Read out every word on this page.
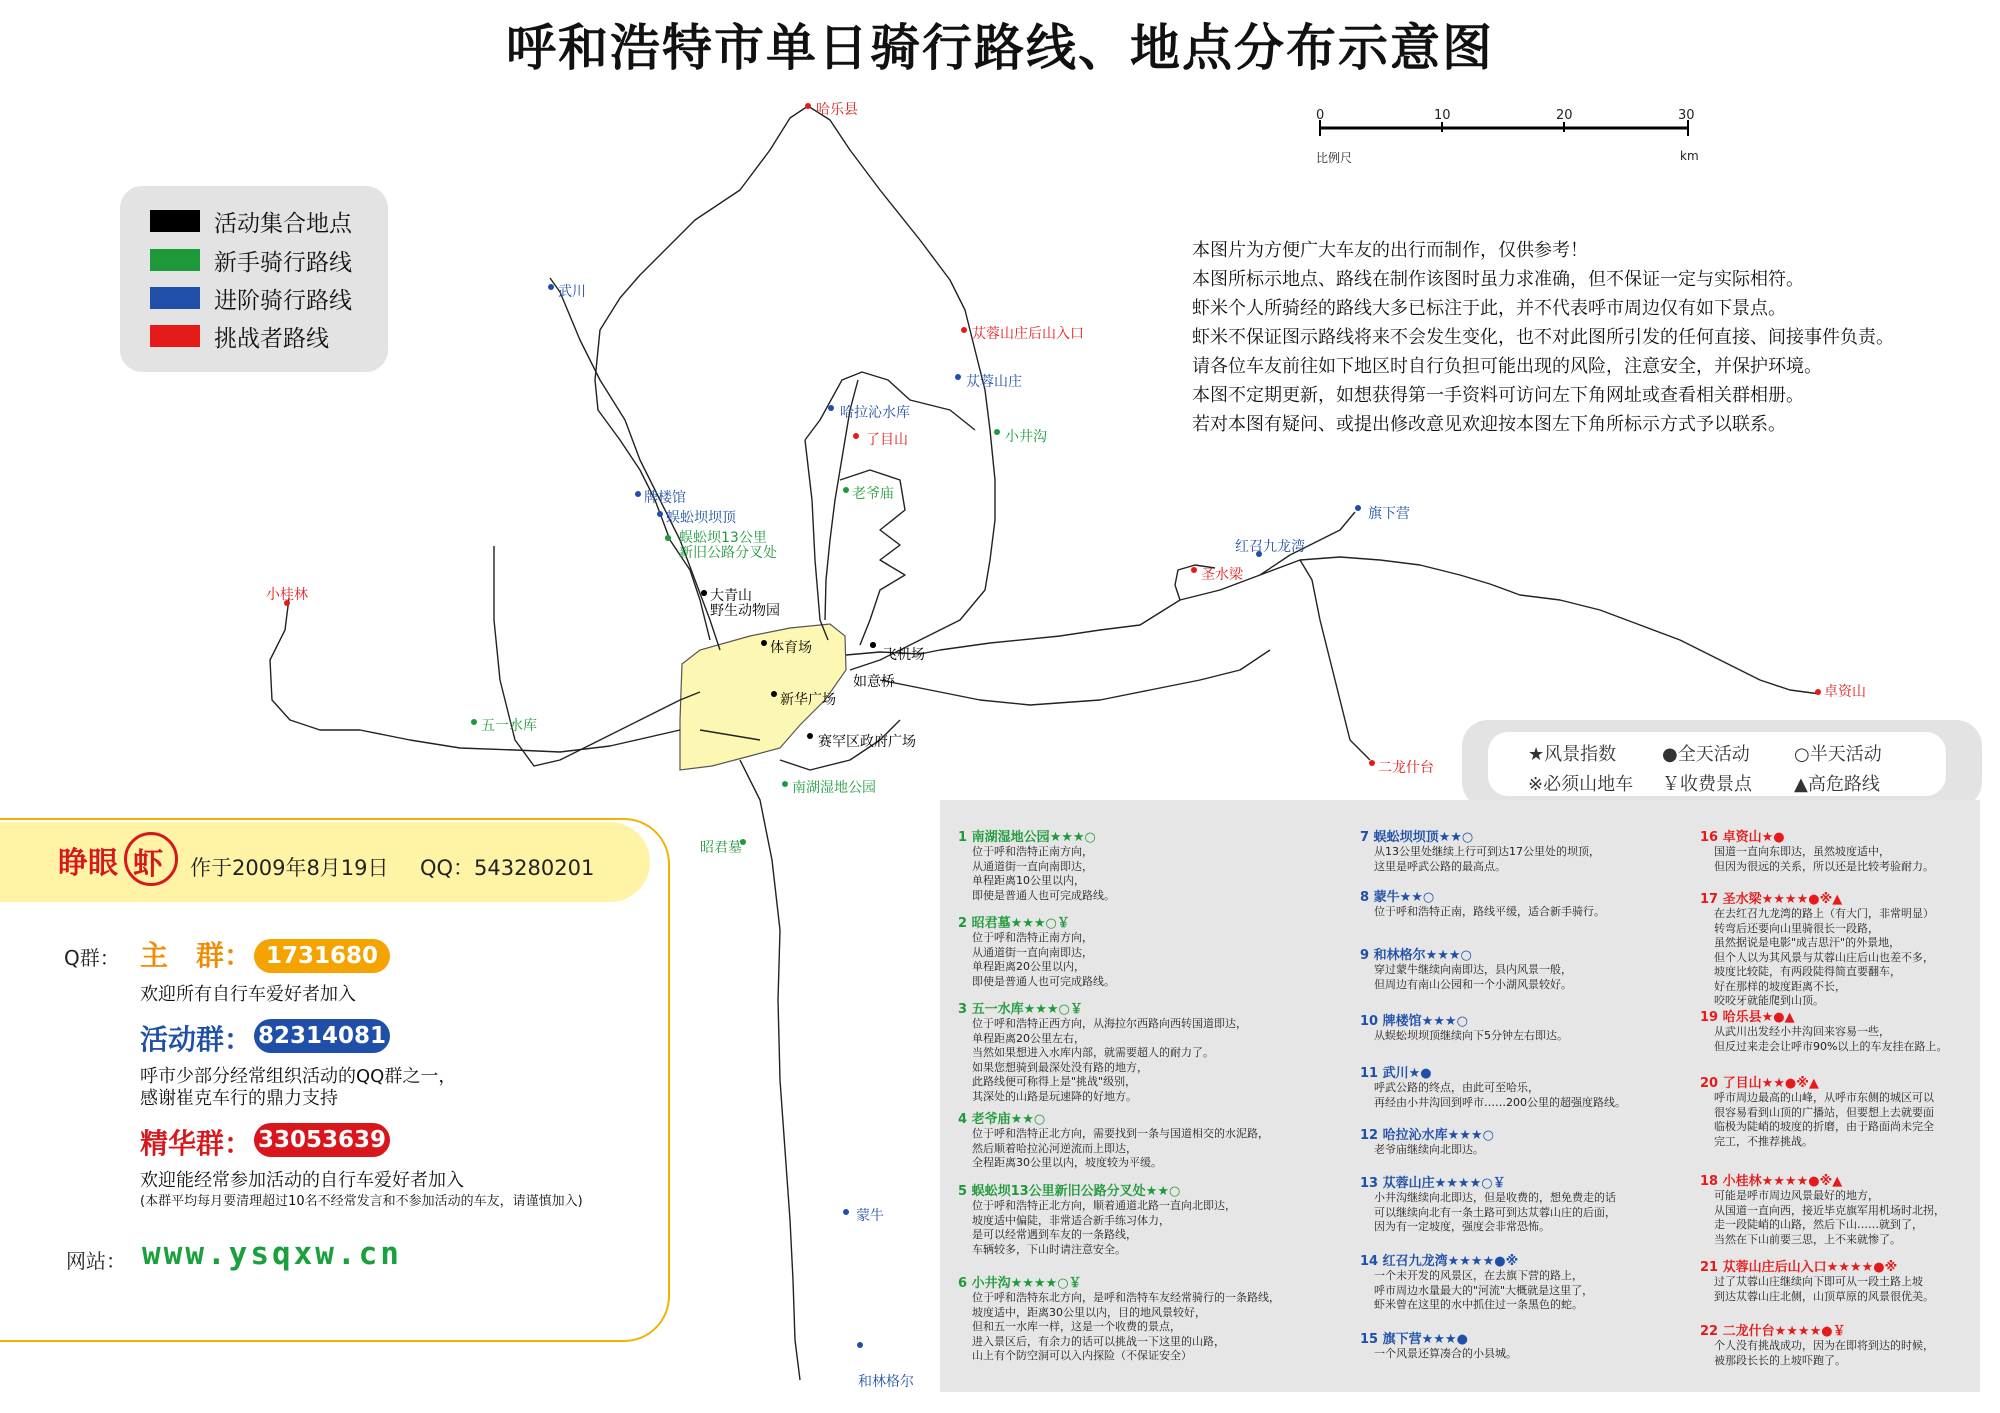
呼和浩特市单日骑行路线、地点分布示意图
哈乐县
武川
苁蓉山庄后山入口
苁蓉山庄
小井沟
哈拉沁水库
了目山
老爷庙
牌楼馆
蜈蚣坝坝顶
蜈蚣坝13公里
新旧公路分叉处
大青山
野生动物园
体育场	飞机场
如意桥
新华广场
赛罕区政府广场
南湖湿地公园
昭君墓
小桂林
五一水库
旗下营
红召九龙湾
圣水梁
卓资山
二龙什台
蒙牛
和林格尔
0	10	20	30
比例尺	km
活动集合地点
新手骑行路线
进阶骑行路线
挑战者路线
本图片为方便广大车友的出行而制作，仅供参考！
本图所标示地点、路线在制作该图时虽力求准确，但不保证一定与实际相符。
虾米个人所骑经的路线大多已标注于此，并不代表呼市周边仅有如下景点。
虾米不保证图示路线将来不会发生变化，也不对此图所引发的任何直接、间接事件负责。
请各位车友前往如下地区时自行负担可能出现的风险，注意安全，并保护环境。
本图不定期更新，如想获得第一手资料可访问左下角网址或查看相关群相册。
若对本图有疑问、或提出修改意见欢迎按本图左下角所标示方式予以联系。
睁眼 虾 作于2009年8月19日 QQ：543280201
Q群： 主　群： 1731680
欢迎所有自行车爱好者加入
活动群： 82314081
呼市少部分经常组织活动的QQ群之一，
感谢崔克车行的鼎力支持
精华群： 33053639
欢迎能经常参加活动的自行车爱好者加入
(本群平均每月要清理超过10名不经常发言和不参加活动的车友，请谨慎加入)
网站： www.ysqxw.cn
★风景指数	●全天活动 ○半天活动
※必须山地车 ￥收费景点 ▲高危路线
1 南湖湿地公园★★★○
位于呼和浩特正南方向，
从通道街一直向南即达，
单程距离10公里以内，
即使是普通人也可完成路线。
2 昭君墓★★★○￥
位于呼和浩特正南方向，
从通道街一直向南即达，
单程距离20公里以内，
即使是普通人也可完成路线。
3 五一水库★★★○￥
位于呼和浩特正西方向，从海拉尔西路向西转国道即达，
单程距离20公里左右，
当然如果想进入水库内部，就需要超人的耐力了。
如果您想骑到最深处没有路的地方，
此路线便可称得上是"挑战"级别，
其深处的山路是玩速降的好地方。
4 老爷庙★★○
位于呼和浩特正北方向，需要找到一条与国道相交的水泥路，
然后顺着哈拉沁河逆流而上即达，
全程距离30公里以内，坡度较为平缓。
5 蜈蚣坝13公里新旧公路分叉处★★○
位于呼和浩特正北方向，顺着通道北路一直向北即达，
坡度适中偏陡，非常适合新手练习体力，
是可以经常遇到车友的一条路线，
车辆较多，下山时请注意安全。
6 小井沟★★★★○￥
位于呼和浩特东北方向，是呼和浩特车友经常骑行的一条路线，
坡度适中，距离30公里以内，目的地风景较好，
但和五一水库一样，这是一个收费的景点，
进入景区后，有余力的话可以挑战一下这里的山路，
山上有个防空洞可以入内探险（不保证安全）
7 蜈蚣坝坝顶★★○
从13公里处继续上行可到达17公里处的坝顶，
这里是呼武公路的最高点。
8 蒙牛★★○
位于呼和浩特正南，路线平缓，适合新手骑行。
9 和林格尔★★★○
穿过蒙牛继续向南即达，县内风景一般，
但周边有南山公园和一个小湖风景较好。
10 牌楼馆★★★○
从蜈蚣坝坝顶继续向下5分钟左右即达。
11 武川★●
呼武公路的终点，由此可至哈乐，
再经由小井沟回到呼市……200公里的超强度路线。
12 哈拉沁水库★★★○
老爷庙继续向北即达。
13 苁蓉山庄★★★★○￥
小井沟继续向北即达，但是收费的，想免费走的话
可以继续向北有一条土路可到达苁蓉山庄的后面，
因为有一定坡度，强度会非常恐怖。
14 红召九龙湾★★★★●※
一个未开发的风景区，在去旗下营的路上，
呼市周边水量最大的"河流"大概就是这里了，
虾米曾在这里的水中抓住过一条黑色的蛇。
15 旗下营★★★●
一个风景还算凑合的小县城。
16 卓资山★●
国道一直向东即达，虽然坡度适中，
但因为很远的关系，所以还是比较考验耐力。
17 圣水梁★★★★●※▲
在去红召九龙湾的路上（有大门，非常明显）
转弯后还要向山里骑很长一段路，
虽然据说是电影"成吉思汗"的外景地，
但个人以为其风景与苁蓉山庄后山也差不多，
坡度比较陡，有两段陡得简直要翻车，
好在那样的坡度距离不长，
咬咬牙就能爬到山顶。
19 哈乐县★●▲
从武川出发经小井沟回来容易一些，
但反过来走会让呼市90%以上的车友挂在路上。
20 了目山★★●※▲
呼市周边最高的山峰，从呼市东侧的城区可以
很容易看到山顶的广播站，但要想上去就要面
临极为陡峭的坡度的折磨，由于路面尚未完全
完工，不推荐挑战。
18 小桂林★★★★●※▲
可能是呼市周边风景最好的地方，
从国道一直向西，接近毕克旗军用机场时北拐，
走一段陡峭的山路，然后下山……就到了，
当然在下山前要三思，上不来就惨了。
21 苁蓉山庄后山入口★★★★●※
过了苁蓉山庄继续向下即可从一段土路上坡
到达苁蓉山庄北侧，山顶草原的风景很优美。
22 二龙什台★★★★●￥
个人没有挑战成功，因为在即将到达的时候，
被那段长长的上坡吓跑了。
